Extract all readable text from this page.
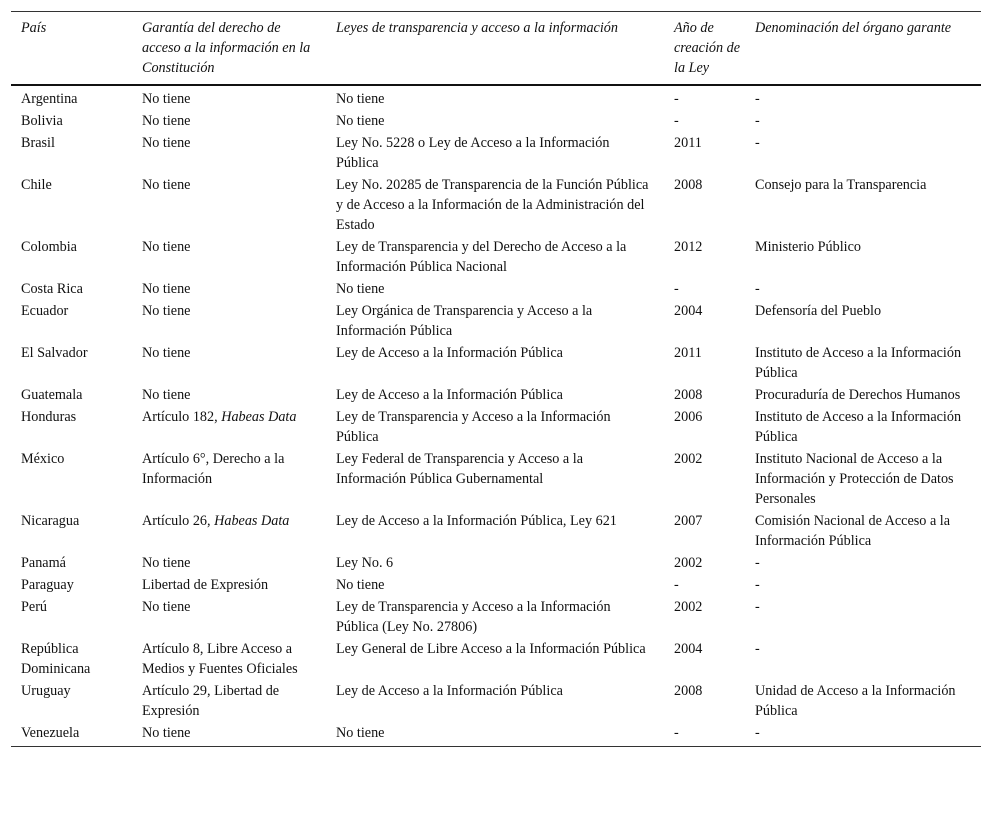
País	Garantía del derecho de acceso a la información en la Constitución	Leyes de transparencia y acceso a la información	Año de creación de la Ley	Denominación del órgano garante
Argentina	No tiene	No tiene	-	-
Bolivia	No tiene	No tiene	-	-
Brasil	No tiene	Ley No. 5228 o Ley de Acceso a la Información Pública	2011	-
Chile	No tiene	Ley No. 20285 de Transparencia de la Función Pública y de Acceso a la Información de la Administración del Estado	2008	Consejo para la Transparencia
Colombia	No tiene	Ley de Transparencia y del Derecho de Acceso a la Información Pública Nacional	2012	Ministerio Público
Costa Rica	No tiene	No tiene	-	-
Ecuador	No tiene	Ley Orgánica de Transparencia y Acceso a la Información Pública	2004	Defensoría del Pueblo
El Salvador	No tiene	Ley de Acceso a la Información Pública	2011	Instituto de Acceso a la Información Pública
Guatemala	No tiene	Ley de Acceso a la Información Pública	2008	Procuraduría de Derechos Humanos
Honduras	Artículo 182, Habeas Data	Ley de Transparencia y Acceso a la Información Pública	2006	Instituto de Acceso a la Información Pública
México	Artículo 6°, Derecho a la Información	Ley Federal de Transparencia y Acceso a la Información Pública Gubernamental	2002	Instituto Nacional de Acceso a la Información y Protección de Datos Personales
Nicaragua	Artículo 26, Habeas Data	Ley de Acceso a la Información Pública, Ley 621	2007	Comisión Nacional de Acceso a la Información Pública
Panamá	No tiene	Ley No. 6	2002	-
Paraguay	Libertad de Expresión	No tiene	-	-
Perú	No tiene	Ley de Transparencia y Acceso a la Información Pública (Ley No. 27806)	2002	-
República Dominicana	Artículo 8, Libre Acceso a Medios y Fuentes Oficiales	Ley General de Libre Acceso a la Información Pública	2004	-
Uruguay	Artículo 29, Libertad de Expresión	Ley de Acceso a la Información Pública	2008	Unidad de Acceso a la Información Pública
Venezuela	No tiene	No tiene	-	-
